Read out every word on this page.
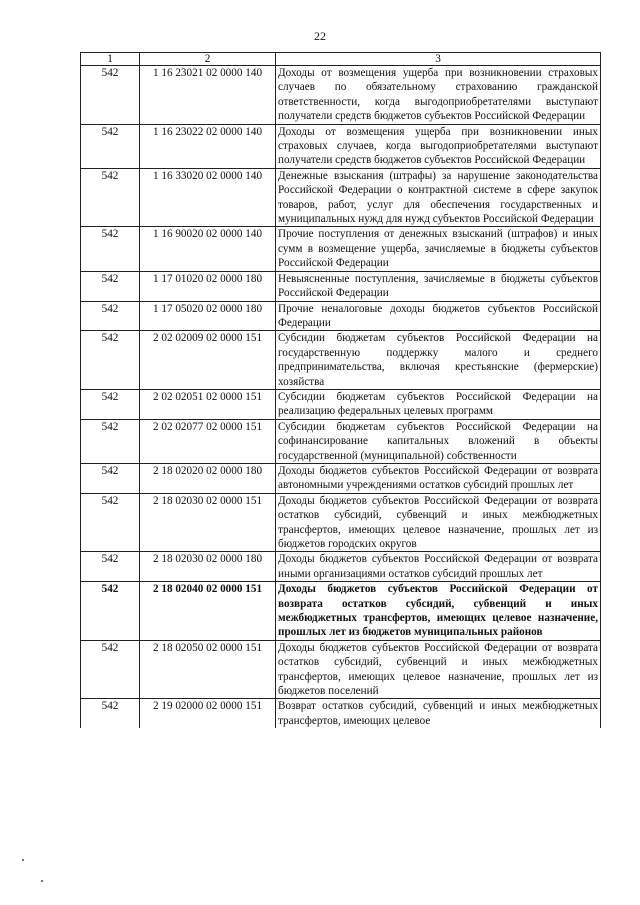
22
1	2	3
542	1 16 23021 02 0000 140	Доходы от возмещения ущерба при возникновении страховых случаев по обязательному страхованию гражданской ответственности, когда выгодоприобретателями выступают получатели средств бюджетов субъектов Российской Федерации
542	1 16 23022 02 0000 140	Доходы от возмещения ущерба при возникновении иных страховых случаев, когда выгодоприобретателями выступают получатели средств бюджетов субъектов Российской Федерации
542	1 16 33020 02 0000 140	Денежные взыскания (штрафы) за нарушение законодательства Российской Федерации о контрактной системе в сфере закупок товаров, работ, услуг для обеспечения государственных и муниципальных нужд для нужд субъектов Российской Федерации
542	1 16 90020 02 0000 140	Прочие поступления от денежных взысканий (штрафов) и иных сумм в возмещение ущерба, зачисляемые в бюджеты субъектов Российской Федерации
542	1 17 01020 02 0000 180	Невыясненные поступления, зачисляемые в бюджеты субъектов Российской Федерации
542	1 17 05020 02 0000 180	Прочие неналоговые доходы бюджетов субъектов Российской Федерации
542	2 02 02009 02 0000 151	Субсидии бюджетам субъектов Российской Федерации на государственную поддержку малого и среднего предпринимательства, включая крестьянские (фермерские) хозяйства
542	2 02 02051 02 0000 151	Субсидии бюджетам субъектов Российской Федерации на реализацию федеральных целевых программ
542	2 02 02077 02 0000 151	Субсидии бюджетам субъектов Российской Федерации на софинансирование капитальных вложений в объекты государственной (муниципальной) собственности
542	2 18 02020 02 0000 180	Доходы бюджетов субъектов Российской Федерации от возврата автономными учреждениями остатков субсидий прошлых лет
542	2 18 02030 02 0000 151	Доходы бюджетов субъектов Российской Федерации от возврата остатков субсидий, субвенций и иных межбюджетных трансфертов, имеющих целевое назначение, прошлых лет из бюджетов городских округов
542	2 18 02030 02 0000 180	Доходы бюджетов субъектов Российской Федерации от возврата иными организациями остатков субсидий прошлых лет
542	2 18 02040 02 0000 151	Доходы бюджетов субъектов Российской Федерации от возврата остатков субсидий, субвенций и иных межбюджетных трансфертов, имеющих целевое назначение, прошлых лет из бюджетов муниципальных районов
542	2 18 02050 02 0000 151	Доходы бюджетов субъектов Российской Федерации от возврата остатков субсидий, субвенций и иных межбюджетных трансфертов, имеющих целевое назначение, прошлых лет из бюджетов поселений
542	2 19 02000 02 0000 151	Возврат остатков субсидий, субвенций и иных межбюджетных трансфертов, имеющих целевое
